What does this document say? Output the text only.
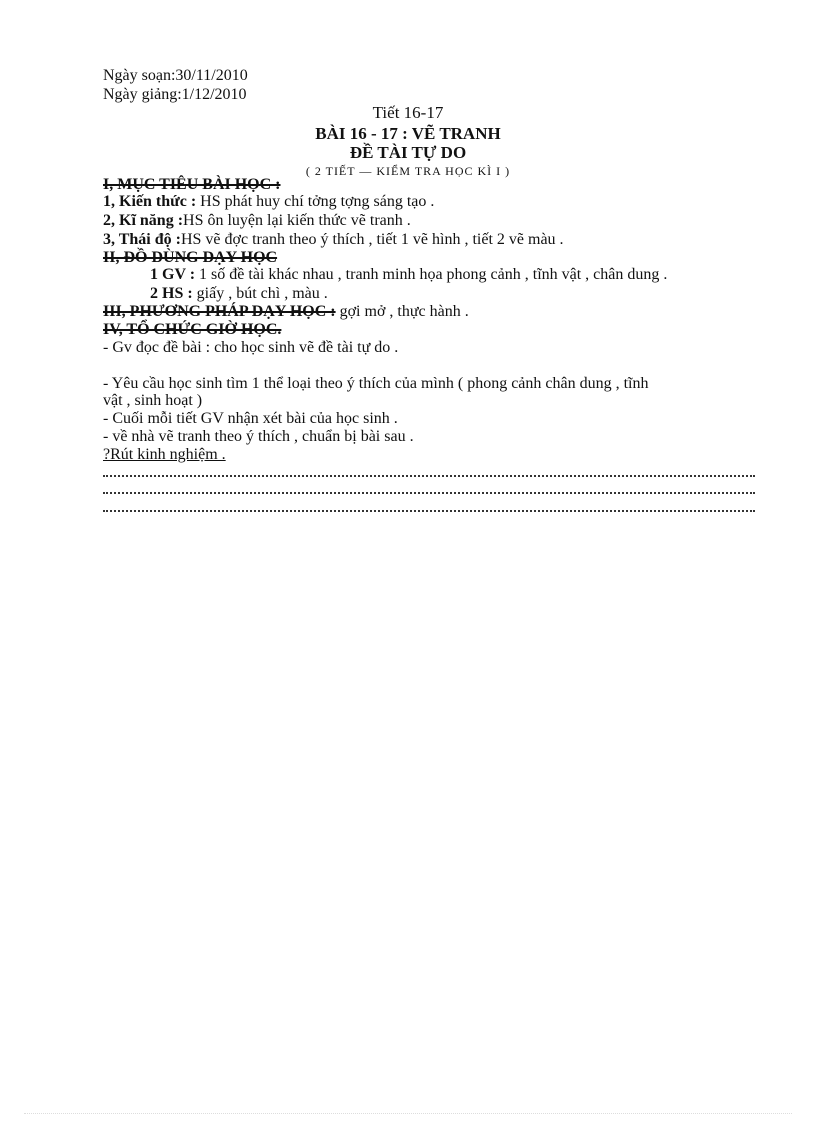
Ngày soạn:30/11/2010
Ngày giảng:1/12/2010
Tiết 16-17
BÀI 16 - 17 : VẼ TRANH
ĐỀ TÀI TỰ DO
( 2 TIẾT — KIỂM TRA HỌC KÌ I )
I, MỤC TIÊU BÀI HỌC :
1, Kiến thức : HS phát huy chí tởng tợng sáng tạo .
2, Kĩ năng :HS ôn luyện lại kiến thức vẽ tranh .
3, Thái độ :HS vẽ đợc tranh theo ý thích , tiết 1 vẽ hình , tiết 2 vẽ màu .
II, ĐỒ DÙNG DẠY HỌC
1 GV : 1 số đề tài khác nhau , tranh minh họa phong cảnh , tĩnh vật , chân dung .
2 HS : giấy , bút chì , màu .
III, PHƯƠNG PHÁP DẠY HỌC : gợi mở , thực hành .
IV, TỔ CHỨC GIỜ HỌC.
- Gv đọc đề bài : cho học sinh vẽ đề tài tự do .
- Yêu cầu học sinh tìm 1 thể loại theo ý thích của mình ( phong cảnh chân dung , tĩnh
vật , sinh hoạt )
- Cuối mỗi tiết GV nhận xét bài của học sinh .
- về nhà vẽ tranh theo ý thích , chuẩn bị bài sau .
?Rút kinh nghiệm .
